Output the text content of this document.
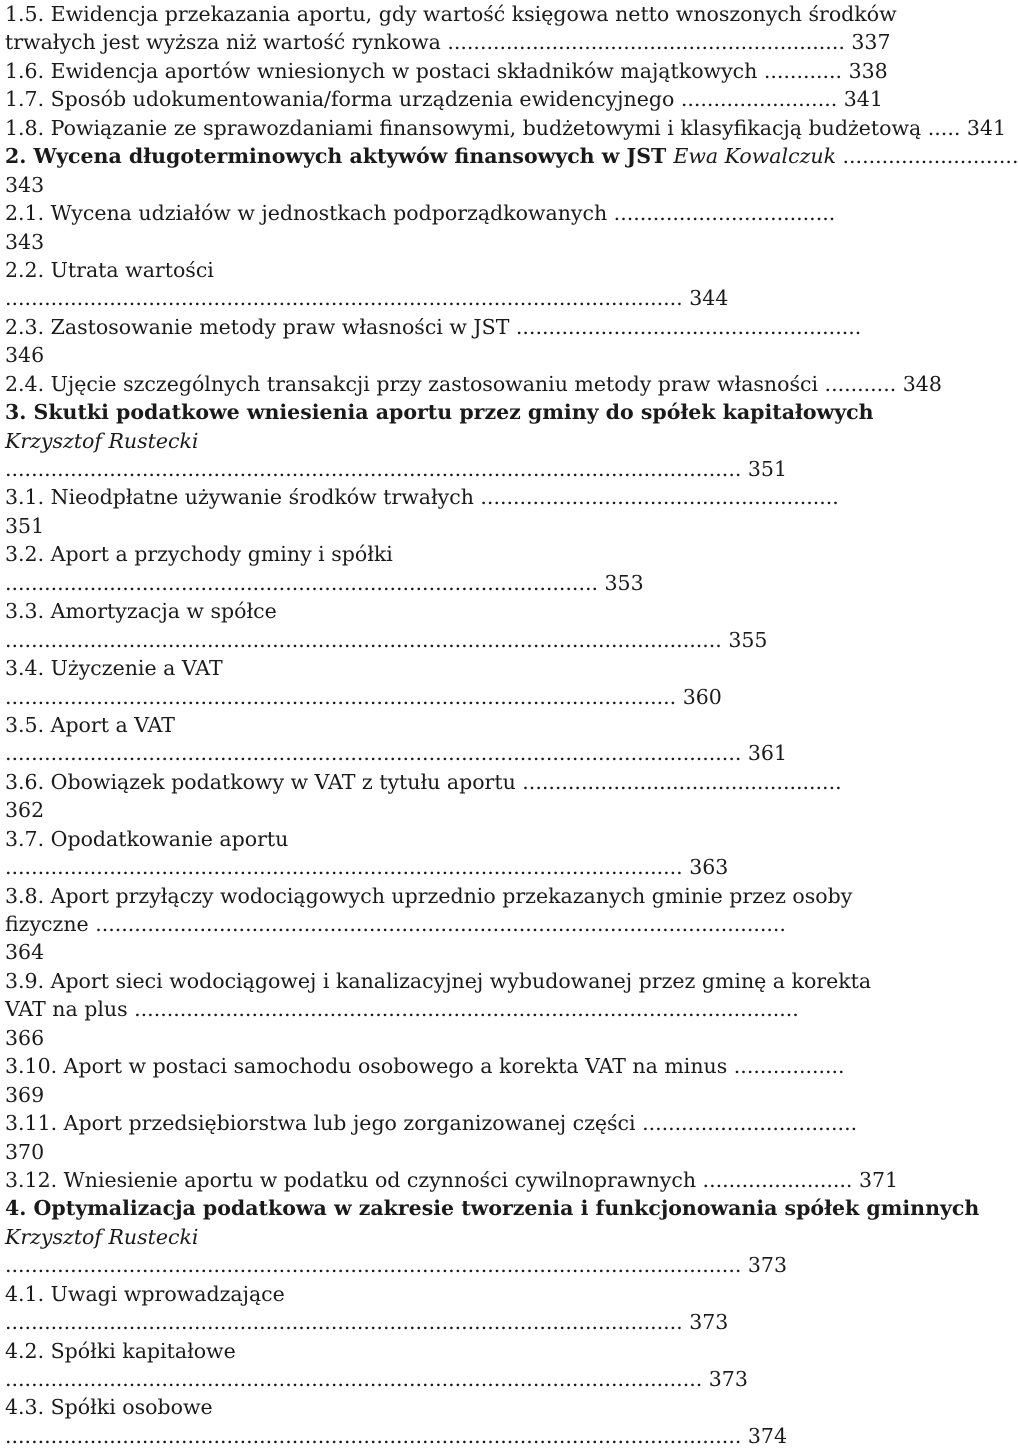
1.5. Ewidencja przekazania aportu, gdy wartość księgowa netto wnoszonych środków
trwałych jest wyższa niż wartość rynkowa ............................................................. 337
1.6. Ewidencja aportów wniesionych w postaci składników majątkowych ............ 338
1.7. Sposób udokumentowania/forma urządzenia ewidencyjnego ........................ 341
1.8. Powiązanie ze sprawozdaniami finansowymi, budżetowymi i klasyfikacją budżetową ..... 341
2. Wycena długoterminowych aktywów finansowych w JST Ewa Kowalczuk ...........................
343
2.1. Wycena udziałów w jednostkach podporządkowanych ..................................
343
2.2. Utrata wartości
........................................................................................................ 344
2.3. Zastosowanie metody praw własności w JST .....................................................
346
2.4. Ujęcie szczególnych transakcji przy zastosowaniu metody praw własności ........... 348
3. Skutki podatkowe wniesienia aportu przez gminy do spółek kapitałowych
Krzysztof Rustecki
................................................................................................................. 351
3.1. Nieodpłatne używanie środków trwałych .......................................................
351
3.2. Aport a przychody gminy i spółki
........................................................................................... 353
3.3. Amortyzacja w spółce
.............................................................................................................. 355
3.4. Użyczenie a VAT
....................................................................................................... 360
3.5. Aport a VAT
................................................................................................................. 361
3.6. Obowiązek podatkowy w VAT z tytułu aportu .................................................
362
3.7. Opodatkowanie aportu
........................................................................................................ 363
3.8. Aport przyłączy wodociągowych uprzednio przekazanych gminie przez osoby
fizyczne ..........................................................................................................
364
3.9. Aport sieci wodociągowej i kanalizacyjnej wybudowanej przez gminę a korekta
VAT na plus ......................................................................................................
366
3.10. Aport w postaci samochodu osobowego a korekta VAT na minus .................
369
3.11. Aport przedsiębiorstwa lub jego zorganizowanej części .................................
370
3.12. Wniesienie aportu w podatku od czynności cywilnoprawnych ....................... 371
4. Optymalizacja podatkowa w zakresie tworzenia i funkcjonowania spółek gminnych
Krzysztof Rustecki
................................................................................................................. 373
4.1. Uwagi wprowadzające
........................................................................................................ 373
4.2. Spółki kapitałowe
........................................................................................................... 373
4.3. Spółki osobowe
................................................................................................................. 374
